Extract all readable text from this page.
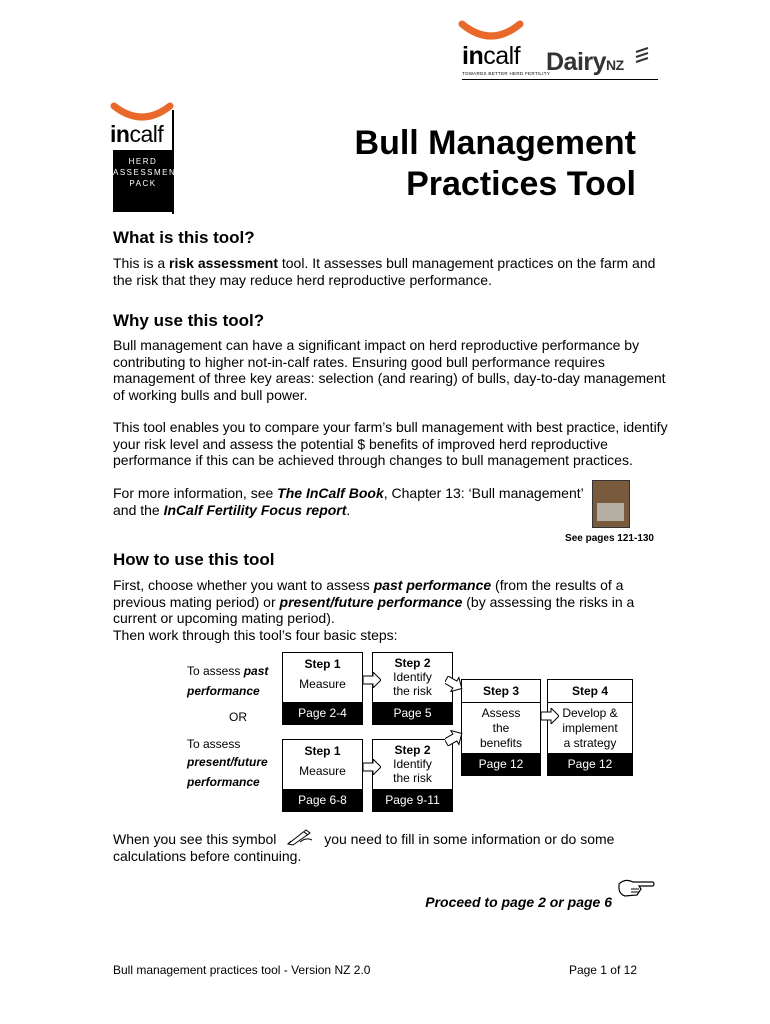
incalf
TOWARDS BETTER HERD FERTILITY
DairyNZ
incalf
HERD
ASSESSMENT
PACK
Bull Management
Practices Tool
What is this tool?
This is a risk assessment tool. It assesses bull management practices on the farm and the risk that they may reduce herd reproductive performance.
Why use this tool?
Bull management can have a significant impact on herd reproductive performance by contributing to higher not-in-calf rates. Ensuring good bull performance requires management of three key areas: selection (and rearing) of bulls, day-to-day management of working bulls and bull power.
This tool enables you to compare your farm’s bull management with best practice, identify your risk level and assess the potential $ benefits of improved herd reproductive performance if this can be achieved through changes to bull management practices.
For more information, see The InCalf Book, Chapter 13: ‘Bull management’
and the InCalf Fertility Focus report.
See pages 121-130
How to use this tool
First, choose whether you want to assess past performance (from the results of a previous mating period) or present/future performance (by assessing the risks in a current or upcoming mating period).
Then work through this tool’s four basic steps:
To assess past
performance
OR
To assess
present/future
performance
Step 1
Measure
Page 2-4
Step 2
Identify
the risk
Page 5
Step 1
Measure
Page 6-8
Step 2
Identify
the risk
Page 9-11
Step 3
Assess
the
benefits
Page 12
Step 4
Develop &
implement
a strategy
Page 12
When you see this symbol	you need to fill in some information or do some
calculations before continuing.
Proceed to page 2 or page 6
Bull management practices tool - Version NZ 2.0	Page 1 of 12
